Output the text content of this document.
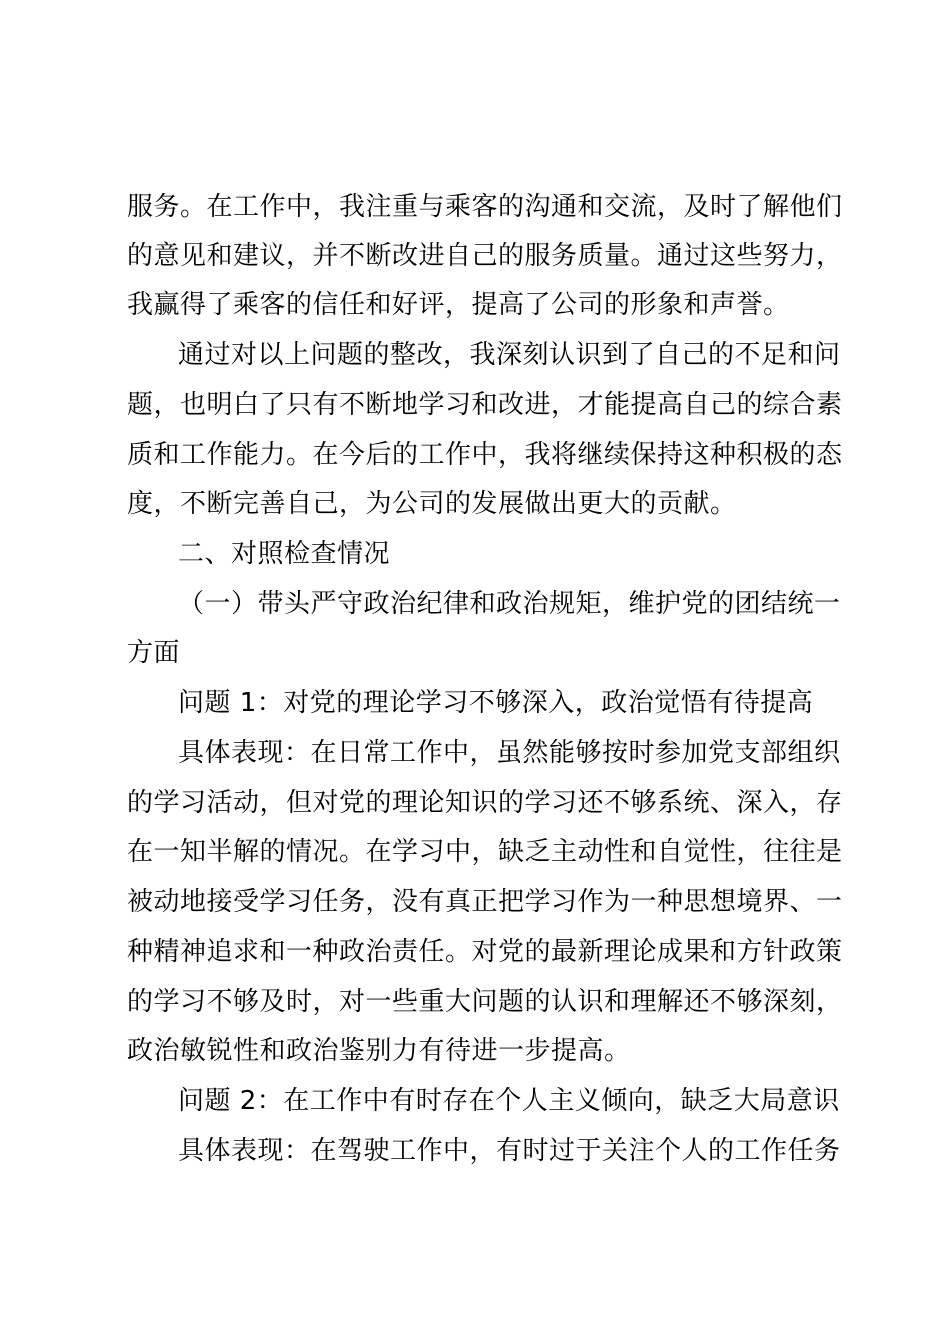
服务。在工作中，我注重与乘客的沟通和交流，及时了解他们
的意见和建议，并不断改进自己的服务质量。通过这些努力，
我赢得了乘客的信任和好评，提高了公司的形象和声誉。
通过对以上问题的整改，我深刻认识到了自己的不足和问
题，也明白了只有不断地学习和改进，才能提高自己的综合素
质和工作能力。在今后的工作中，我将继续保持这种积极的态
度，不断完善自己，为公司的发展做出更大的贡献。
二、对照检查情况
（一）带头严守政治纪律和政治规矩，维护党的团结统一
方面
问题 1：对党的理论学习不够深入，政治觉悟有待提高
具体表现：在日常工作中，虽然能够按时参加党支部组织
的学习活动，但对党的理论知识的学习还不够系统、深入，存
在一知半解的情况。在学习中，缺乏主动性和自觉性，往往是
被动地接受学习任务，没有真正把学习作为一种思想境界、一
种精神追求和一种政治责任。对党的最新理论成果和方针政策
的学习不够及时，对一些重大问题的认识和理解还不够深刻，
政治敏锐性和政治鉴别力有待进一步提高。
问题 2：在工作中有时存在个人主义倾向，缺乏大局意识
具体表现：在驾驶工作中，有时过于关注个人的工作任务
